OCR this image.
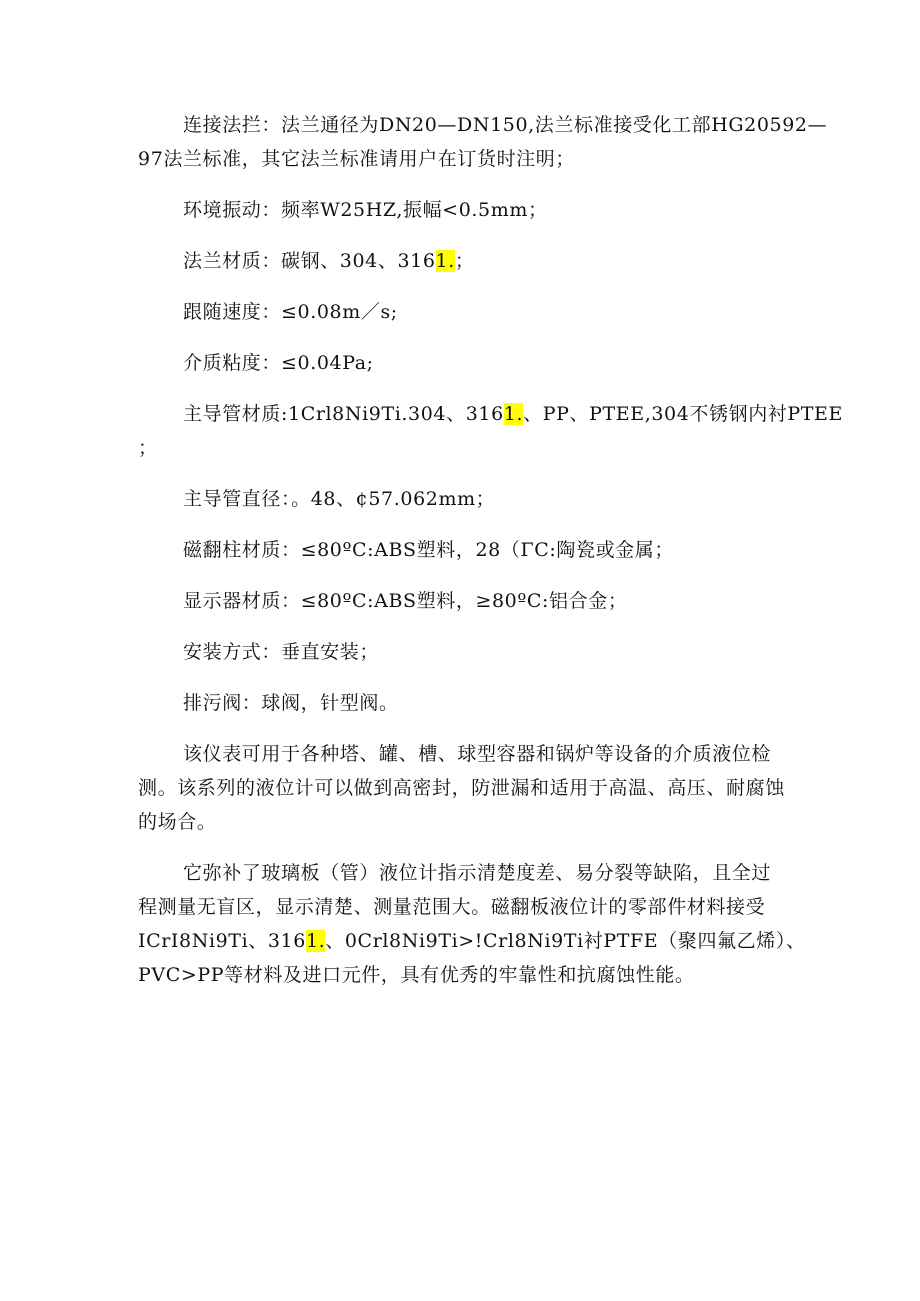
连接法拦：法兰通径为DN20—DN150,法兰标准接受化工部HG20592—
97法兰标准，其它法兰标准请用户在订货时注明；
环境振动：频率W25HZ,振幅<0.5mm；
法兰材质：碳钢、304、3161.；
跟随速度：≤0.08m／s;
介质粘度：≤0.04Pa;
主导管材质:1Crl8Ni9Ti.304、3161.、PP、PTEE,304不锈钢内衬PTEE
；
主导管直径：。48、¢57.062mm；
磁翻柱材质：≤80ºC:ABS塑料，28（ΓC:陶瓷或金属；
显示器材质：≤80ºC:ABS塑料，≥80ºC:铝合金；
安装方式：垂直安装；
排污阀：球阀，针型阀。
该仪表可用于各种塔、罐、槽、球型容器和锅炉等设备的介质液位检
测。该系列的液位计可以做到高密封，防泄漏和适用于高温、高压、耐腐蚀
的场合。
它弥补了玻璃板（管）液位计指示清楚度差、易分裂等缺陷，且全过
程测量无盲区，显示清楚、测量范围大。磁翻板液位计的零部件材料接受
ICrI8Ni9Ti、3161.、0Crl8Ni9Ti>!Crl8Ni9Ti衬PTFE（聚四氟乙烯）、
PVC>PP等材料及进口元件，具有优秀的牢靠性和抗腐蚀性能。
